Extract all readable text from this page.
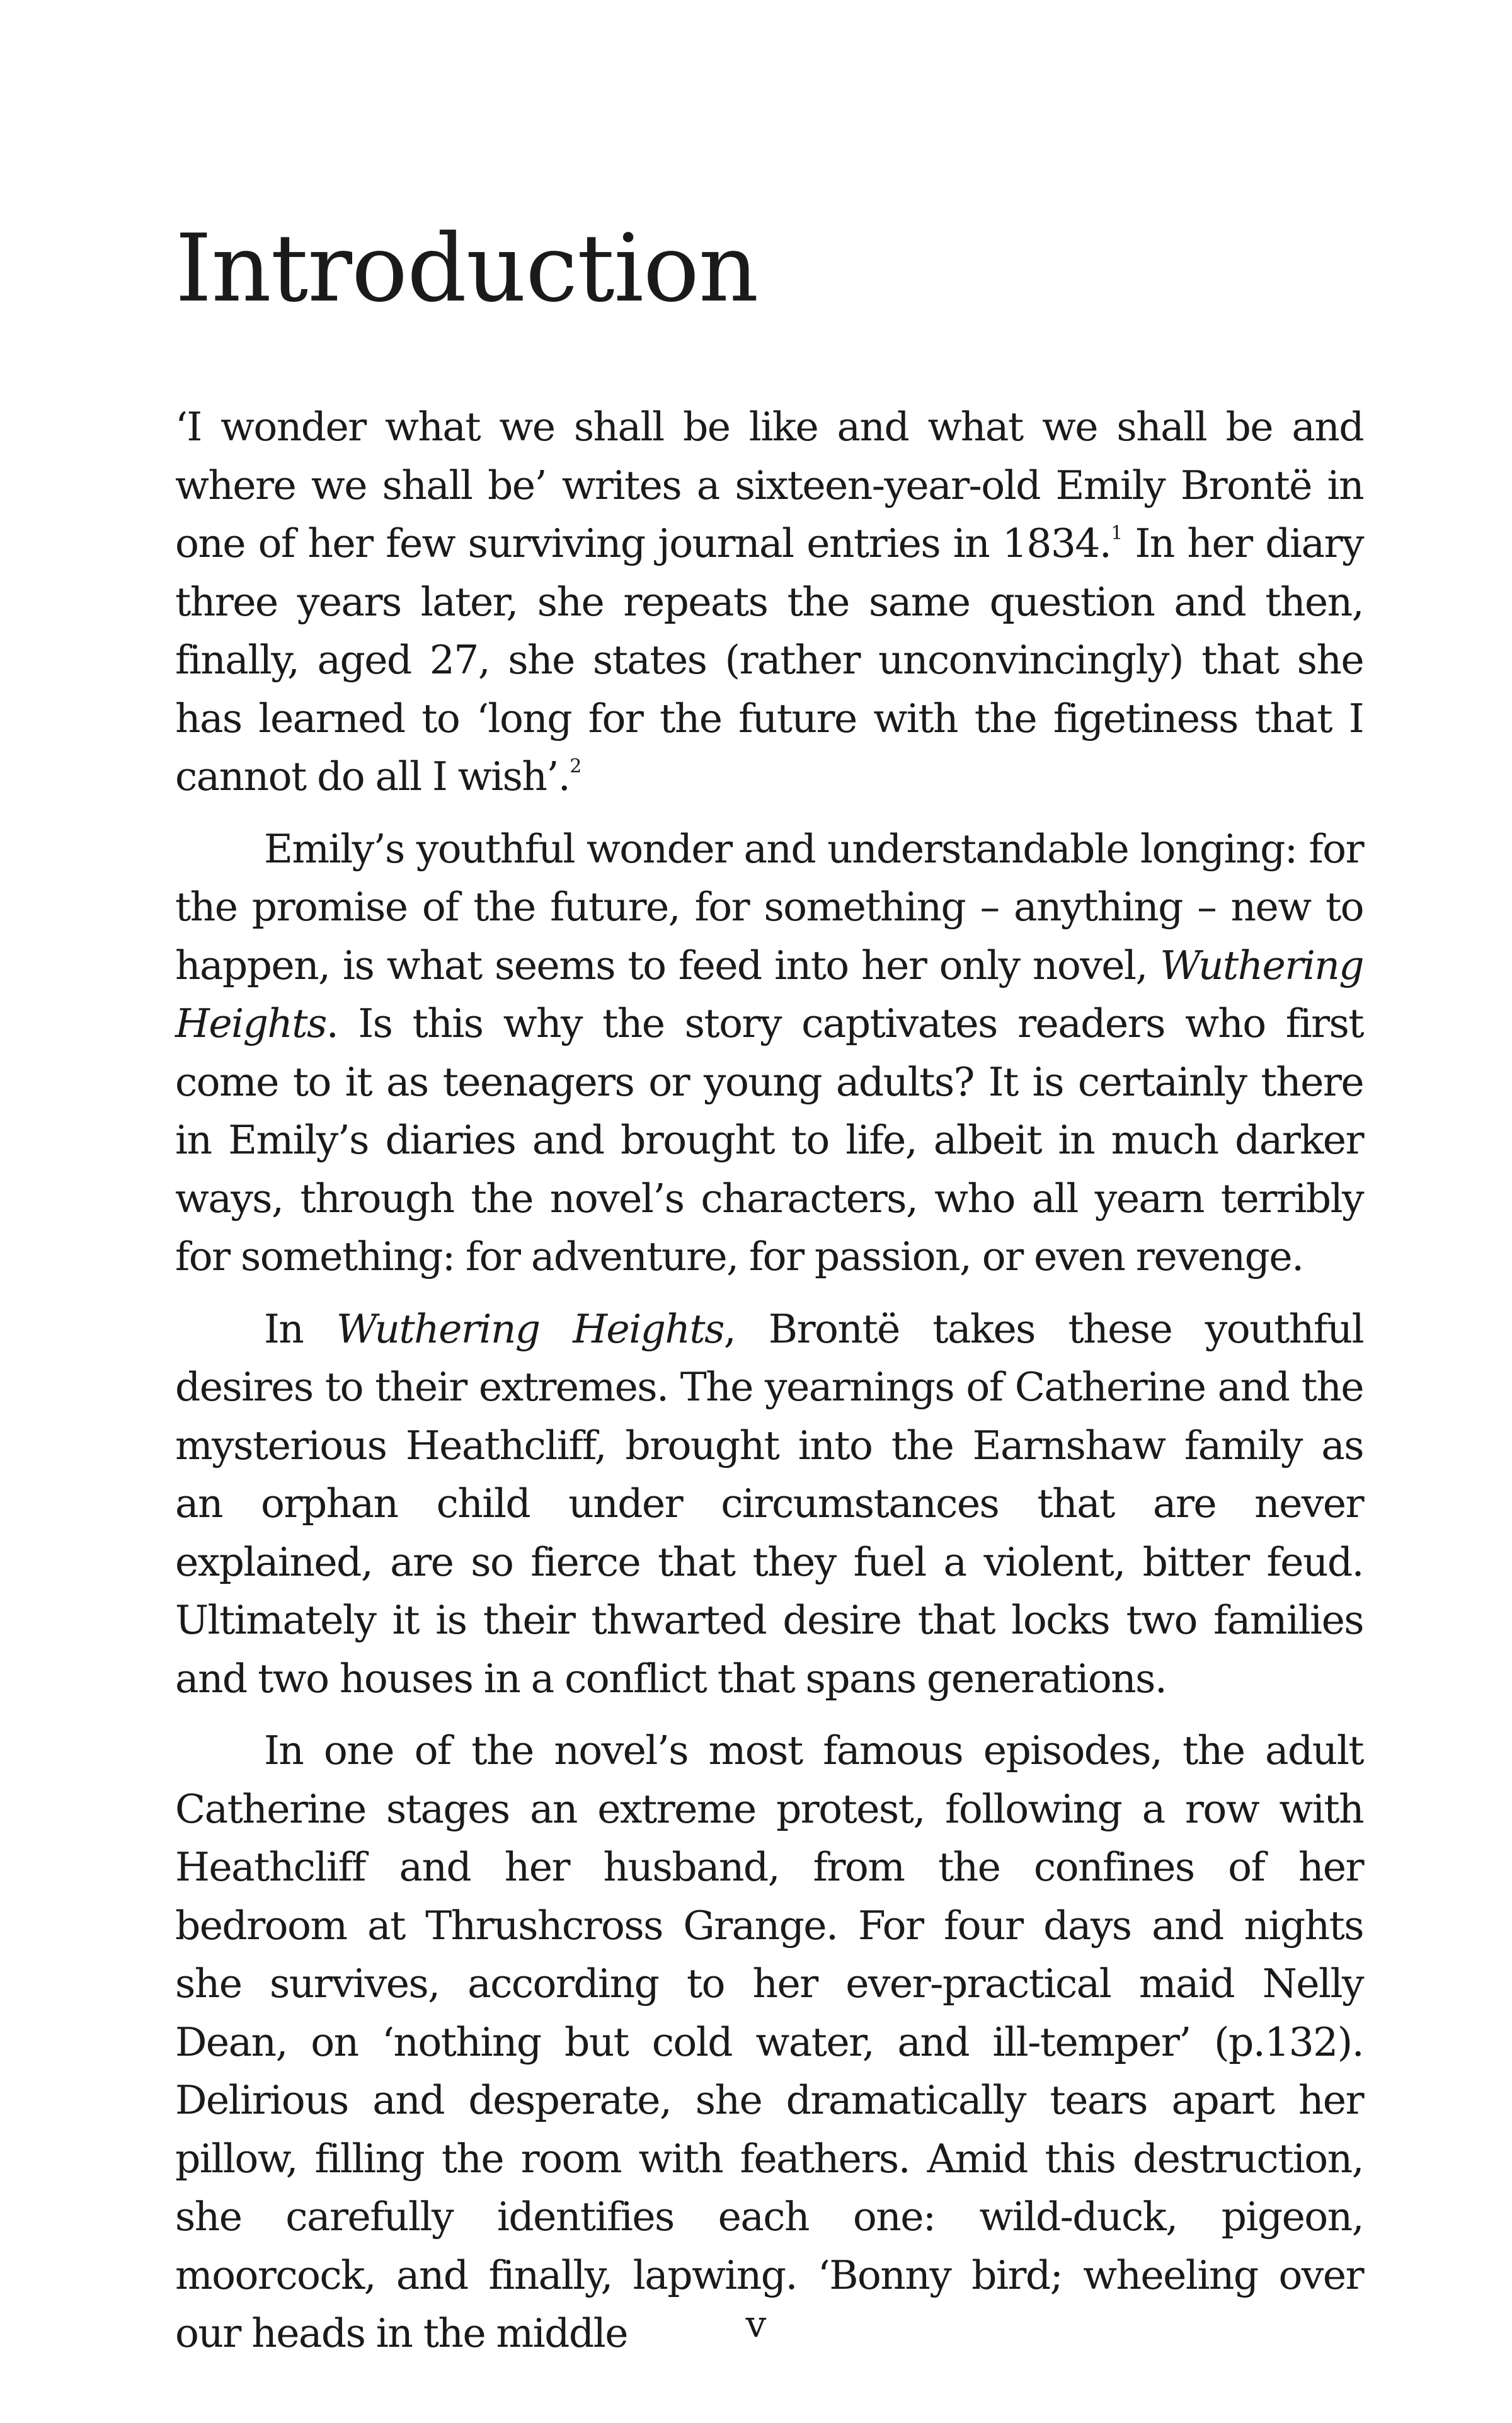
Introduction

‘I wonder what we shall be like and what we shall be and where we shall be’ writes a sixteen-year-old Emily Brontë in one of her few surviving journal entries in 1834.$^1$ In her diary three years later, she repeats the same question and then, finally, aged 27, she states (rather unconvincingly) that she has learned to ‘long for the future with the figetiness that I cannot do all I wish’.$^2$

Emily’s youthful wonder and understandable longing: for the promise of the future, for something – anything – new to happen, is what seems to feed into her only novel, Wuthering Heights. Is this why the story captivates readers who first come to it as teenagers or young adults? It is certainly there in Emily’s diaries and brought to life, albeit in much darker ways, through the novel’s characters, who all yearn terribly for something: for adventure, for passion, or even revenge.

In Wuthering Heights, Brontë takes these youthful desires to their extremes. The yearnings of Catherine and the mysterious Heathcliff, brought into the Earnshaw family as an orphan child under circumstances that are never explained, are so fierce that they fuel a violent, bitter feud. Ultimately it is their thwarted desire that locks two families and two houses in a conflict that spans generations.

In one of the novel’s most famous episodes, the adult Catherine stages an extreme protest, following a row with Heathcliff and her husband, from the confines of her bedroom at Thrushcross Grange. For four days and nights she survives, according to her ever-practical maid Nelly Dean, on ‘nothing but cold water, and ill-temper’ (p.132). Delirious and desperate, she dramatically tears apart her pillow, filling the room with feathers. Amid this destruction, she carefully identifies each one: wild-duck, pigeon, moorcock, and finally, lapwing. ‘Bonny bird; wheeling over our heads in the middle	v
